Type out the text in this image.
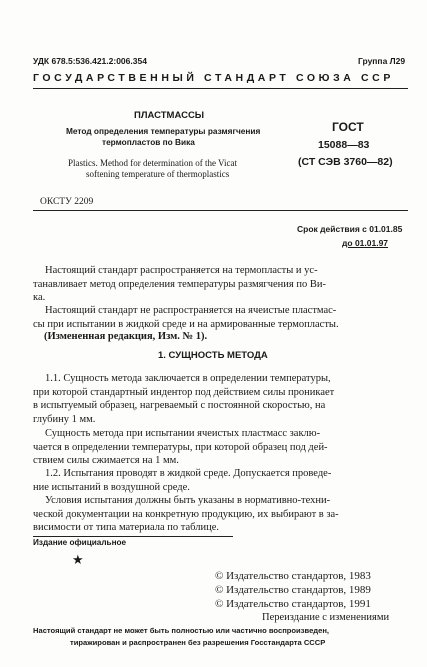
УДК 678.5:536.421.2:006.354	Группа Л29
ГОСУДАРСТВЕННЫЙ СТАНДАРТ СОЮЗА ССР
ПЛАСТМАССЫ
Метод определения температуры размягчения
термопластов по Вика
Plastics. Method for determination of the Vicat
softening temperature of thermoplastics
ГОСТ
15088—83
(СТ СЭВ 3760—82)
ОКСТУ 2209
Срок действия с 01.01.85
до 01.01.97
Настоящий стандарт распространяется на термопласты и ус-
танавливает метод определения температуры размягчения по Ви-
ка.
Настоящий стандарт не распространяется на ячеистые пластмас-
сы при испытании в жидкой среде и на армированные термопласты.
(Измененная редакция, Изм. № 1).
1. СУЩНОСТЬ МЕТОДА
1.1. Сущность метода заключается в определении температуры,
при которой стандартный индентор под действием силы проникает
в испытуемый образец, нагреваемый с постоянной скоростью, на
глубину 1 мм.
Сущность метода при испытании ячеистых пластмасс заклю-
чается в определении температуры, при которой образец под дей-
ствием силы сжимается на 1 мм.
1.2. Испытания проводят в жидкой среде. Допускается проведе-
ние испытаний в воздушной среде.
Условия испытания должны быть указаны в нормативно-техни-
ческой документации на конкретную продукцию, их выбирают в за-
висимости от типа материала по таблице.
Издание официальное
★
© Издательство стандартов, 1983
© Издательство стандартов, 1989
© Издательство стандартов, 1991
Переиздание с изменениями
Настоящий стандарт не может быть полностью или частично воспроизведен,
тиражирован и распространен без разрешения Госстандарта СССР
